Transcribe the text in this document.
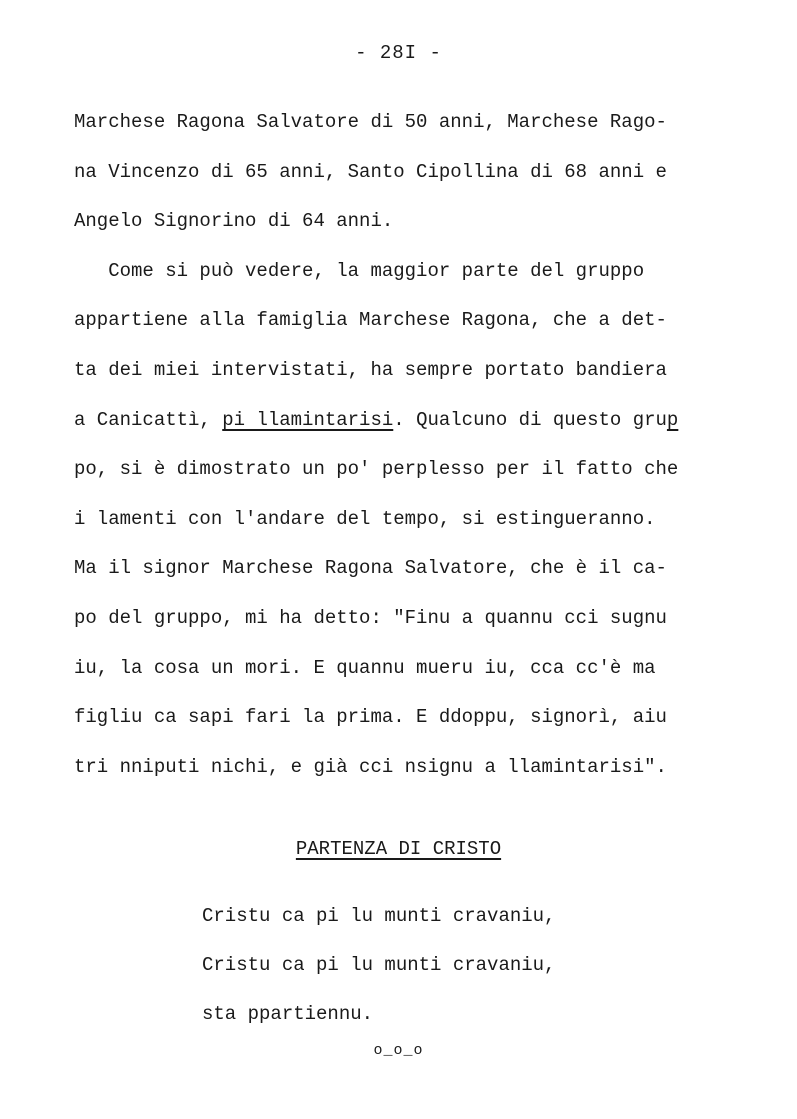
- 28I -
Marchese Ragona Salvatore di 50 anni, Marchese Rago-
na Vincenzo di 65 anni, Santo Cipollina di 68 anni e
Angelo Signorino di 64 anni.
Come si può vedere, la maggior parte del gruppo
appartiene alla famiglia Marchese Ragona, che a det-
ta dei miei intervistati, ha sempre portato bandiera
a Canicattì, pi llamintarisi. Qualcuno di questo grup
po, si è dimostrato un po' perplesso per il fatto che
i lamenti con l'andare del tempo, si estingueranno.
Ma il signor Marchese Ragona Salvatore, che è il ca-
po del gruppo, mi ha detto: "Finu a quannu cci sugnu
iu, la cosa un mori. E quannu mueru iu, cca cc'è ma
figliu ca sapi fari la prima. E ddoppu, signorì, aiu
tri nniputi nichi, e già cci nsignu a llamintarisi".
PARTENZA DI CRISTO
Cristu ca pi lu munti cravaniu,
Cristu ca pi lu munti cravaniu,
sta ppartiennu.
o_o_o
